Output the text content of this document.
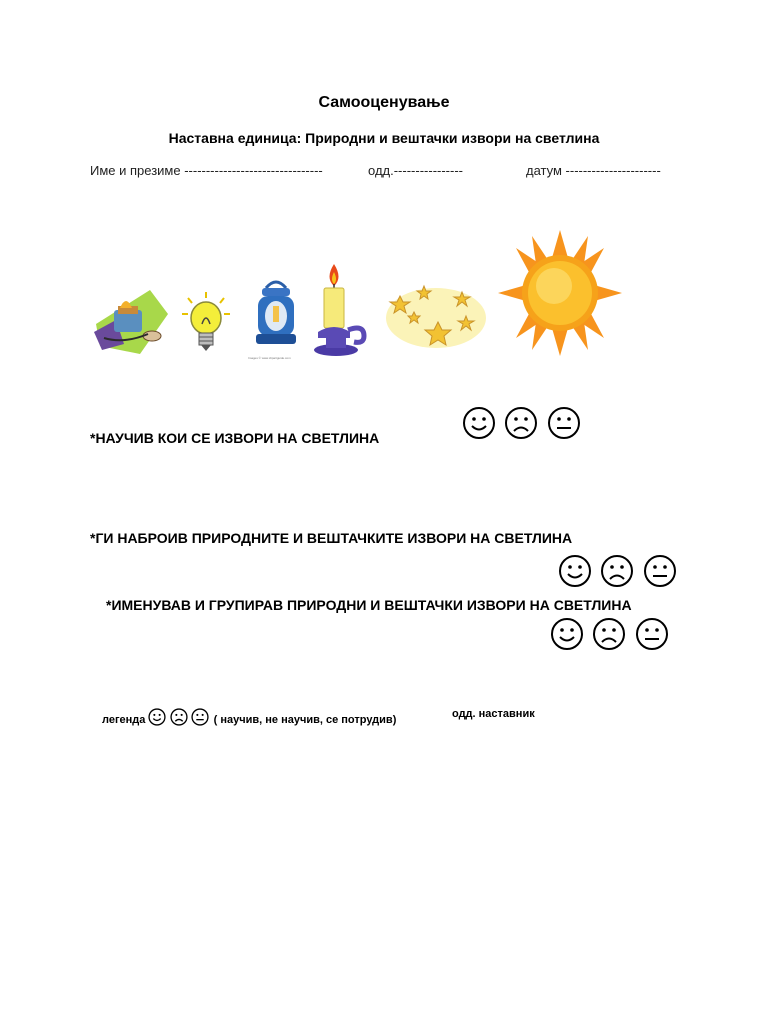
Самооценување
Наставна единица: Природни и вештачки извори на светлина
Име и презиме --------------------------------	одд.----------------	датум ----------------------
Images © www.clipartguide.com
*НАУЧИВ КОИ СЕ ИЗВОРИ НА СВЕТЛИНА

*ГИ НАБРОИВ ПРИРОДНИТЕ И ВЕШТАЧКИТЕ ИЗВОРИ НА СВЕТЛИНА

*ИМЕНУВАВ И ГРУПИРАВ ПРИРОДНИ И ВЕШТАЧКИ ИЗВОРИ НА СВЕТЛИНА

легенда

	( научив, не научив, се потрудив)	одд. наставник
